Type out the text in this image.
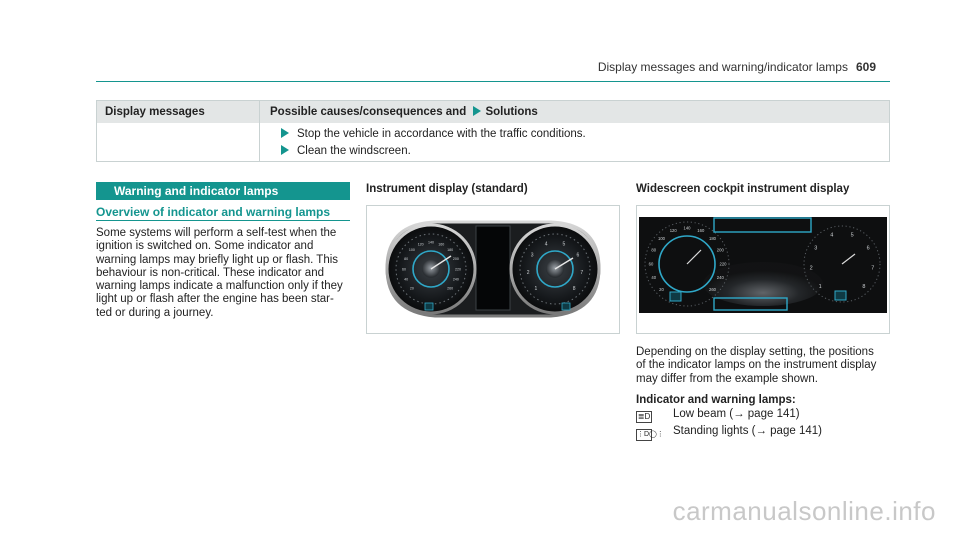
Display messages and warning/indicator lamps 609
Display messages	Possible causes/consequences and Solutions
Stop the vehicle in accordance with the traffic conditions.
Clean the windscreen.
Warning and indicator lamps
Overview of indicator and warning lamps
Some systems will perform a self-test when the
ignition is switched on. Some indicator and
warning lamps may briefly light up or flash. This
behaviour is non-critical. These indicator and
warning lamps indicate a malfunction only if they
light up or flash after the engine has been star-
ted or during a journey.
Instrument display (standard)
20
40
60
80
100
120 140 160
180
200
220
240
260	1
2
3
4	5
6
7
8
Widescreen cockpit instrument display
20
40
60
80
100
120
140
160
180
200
220
240
260	1
2
3
4	5
6
7
8
Depending on the display setting, the positions
of the indicator lamps on the instrument display
may differ from the example shown.
Indicator and warning lamps:
≣D Low beam (→ page 141)
⋮D◯⋮ Standing lights (→ page 141)
carmanualsonline.info
